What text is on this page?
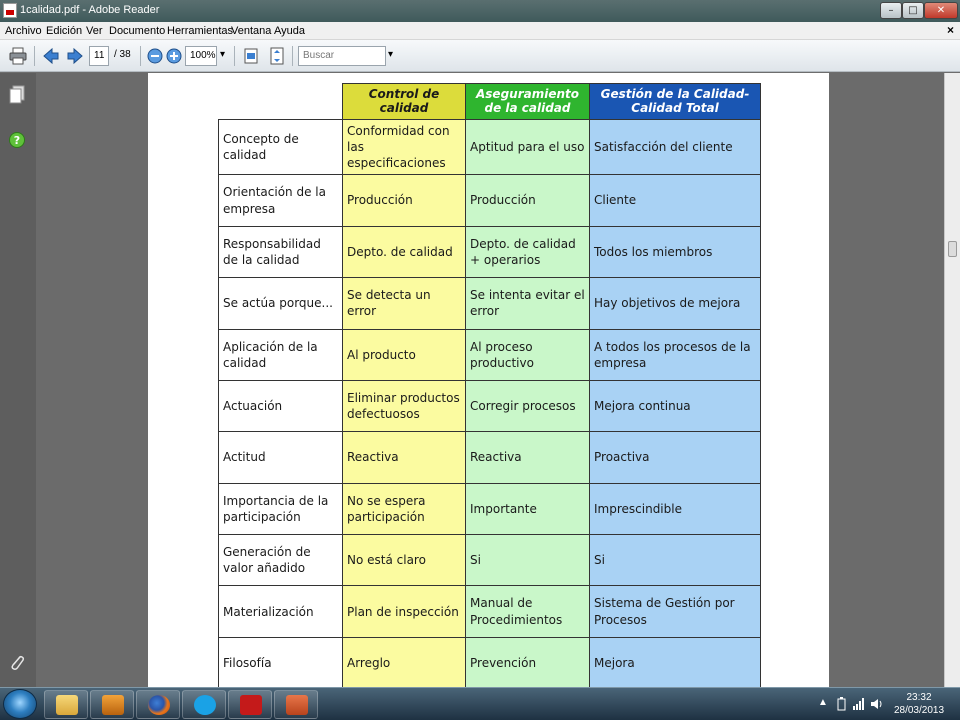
1calidad.pdf - Adobe Reader	–	□	✕
Archivo Edición Ver Documento Herramientas
Ventana Ayuda	×
11 / 38	100% ▾	Buscar	▾
?
	Control de calidad	Aseguramiento de la calidad	Gestión de la Calidad-Calidad Total
Concepto de calidad	Conformidad con las especificaciones	Aptitud para el uso	Satisfacción del cliente
Orientación de la empresa	Producción	Producción	Cliente
Responsabilidad de la calidad	Depto. de calidad	Depto. de calidad + operarios	Todos los miembros
Se actúa porque...	Se detecta un error	Se intenta evitar el error	Hay objetivos de mejora
Aplicación de la calidad	Al producto	Al proceso productivo	A todos los procesos de la empresa
Actuación	Eliminar productos defectuosos	Corregir procesos	Mejora continua
Actitud	Reactiva	Reactiva	Proactiva
Importancia de la participación	No se espera participación	Importante	Imprescindible
Generación de valor añadido	No está claro	Si	Si
Materialización	Plan de inspección	Manual de Procedimientos	Sistema de Gestión por Procesos
Filosofía	Arreglo	Prevención	Mejora
▲	23:32
28/03/2013
